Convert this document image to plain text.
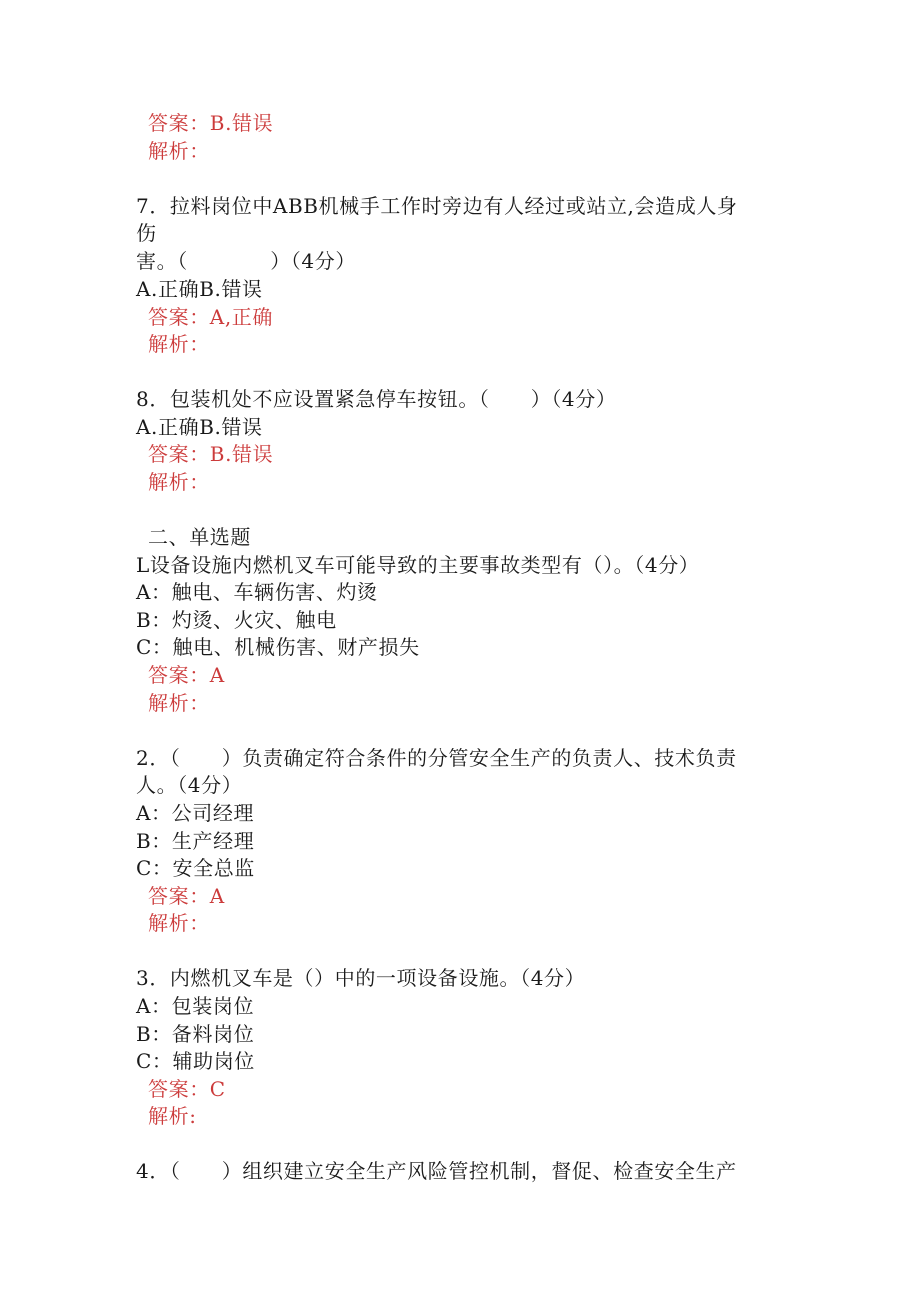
答案：B.错误
解析：
7．拉料岗位中ABB机械手工作时旁边有人经过或站立,会造成人身
伤
害。（　　　　）（4分）
A.正确B.错误
答案：A,正确
解析：
8．包装机处不应设置紧急停车按钮。（　　）（4分）
A.正确B.错误
答案：B.错误
解析：
二、单选题
L设备设施内燃机叉车可能导致的主要事故类型有（）。（4分）
A：触电、车辆伤害、灼烫
B：灼烫、火灾、触电
C：触电、机械伤害、财产损失
答案：A
解析：
2．（　　）负责确定符合条件的分管安全生产的负责人、技术负责
人。（4分）
A：公司经理
B：生产经理
C：安全总监
答案：A
解析：
3．内燃机叉车是（）中的一项设备设施。（4分）
A：包装岗位
B：备料岗位
C：辅助岗位
答案：C
解析:
4．（　　）组织建立安全生产风险管控机制，督促、检查安全生产
